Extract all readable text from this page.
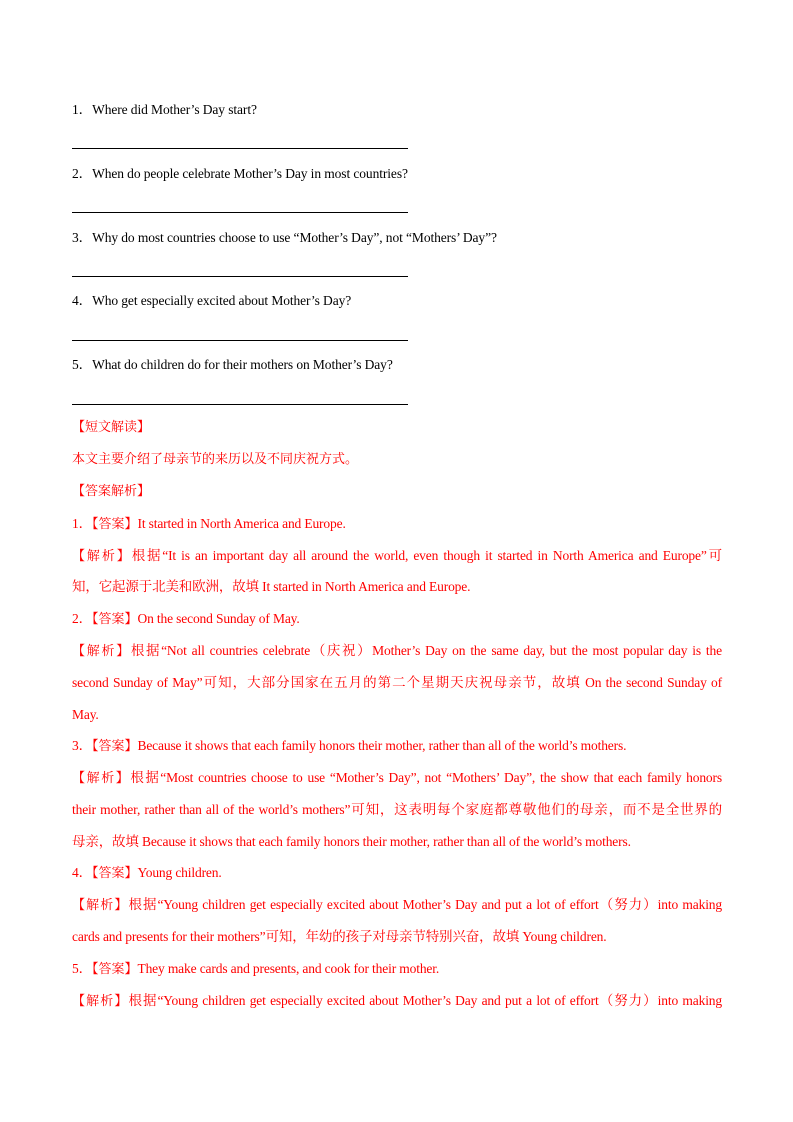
1．Where did Mother’s Day start?
2．When do people celebrate Mother’s Day in most countries?
3．Why do most countries choose to use “Mother’s Day”, not “Mothers’ Day”?
4．Who get especially excited about Mother’s Day?
5．What do children do for their mothers on Mother’s Day?
【短文解读】
本文主要介绍了母亲节的来历以及不同庆祝方式。
【答案解析】
1．【答案】It started in North America and Europe.
【解析】根据“It is an important day all around the world, even though it started in North America and Europe”可
知，它起源于北美和欧洲，故填 It started in North America and Europe.
2．【答案】On the second Sunday of May.
【解析】根据“Not all countries celebrate（庆祝）Mother’s Day on the same day, but the most popular day is the
second Sunday of May”可知，大部分国家在五月的第二个星期天庆祝母亲节，故填 On the second Sunday of
May.
3．【答案】Because it shows that each family honors their mother, rather than all of the world’s mothers.
【解析】根据“Most countries choose to use “Mother’s Day”, not “Mothers’ Day”, the show that each family honors
their mother, rather than all of the world’s mothers”可知，这表明每个家庭都尊敬他们的母亲，而不是全世界的
母亲，故填 Because it shows that each family honors their mother, rather than all of the world’s mothers.
4．【答案】Young children.
【解析】根据“Young children get especially excited about Mother’s Day and put a lot of effort（努力）into making
cards and presents for their mothers”可知，年幼的孩子对母亲节特别兴奋，故填 Young children.
5．【答案】They make cards and presents, and cook for their mother.
【解析】根据“Young children get especially excited about Mother’s Day and put a lot of effort（努力）into making
